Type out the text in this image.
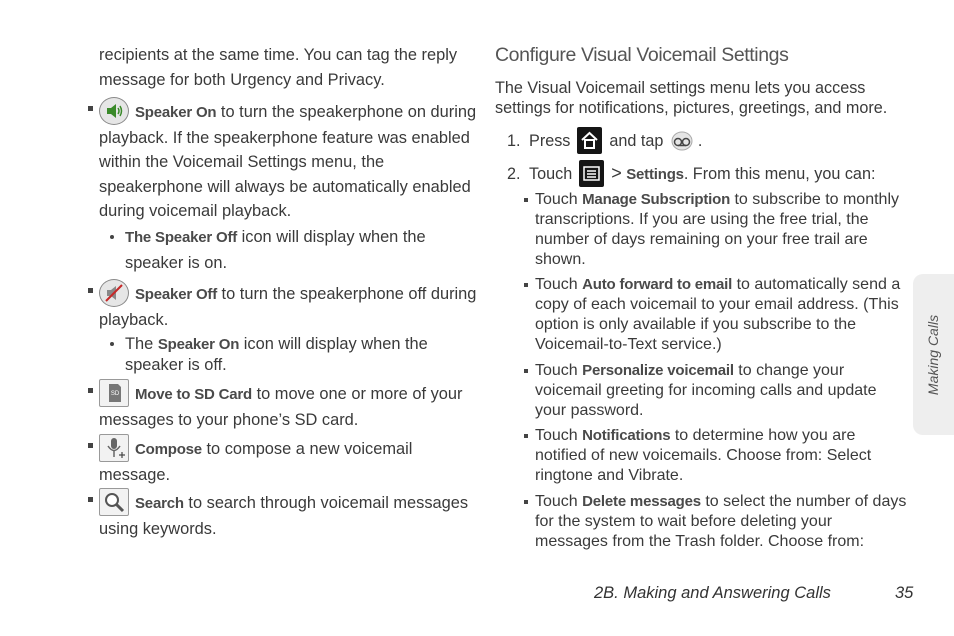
recipients at the same time. You can tag the reply message for both Urgency and Privacy.
Speaker On to turn the speakerphone on during playback. If the speakerphone feature was enabled within the Voicemail Settings menu, the speakerphone will always be automatically enabled during voicemail playback.
The Speaker Off icon will display when the speaker is on.
Speaker Off to turn the speakerphone off during playback.
The Speaker On icon will display when the speaker is off.
SD Move to SD Card to move one or more of your messages to your phone’s SD card.
Compose to compose a new voicemail message.
Search to search through voicemail messages using keywords.
Configure Visual Voicemail Settings
The Visual Voicemail settings menu lets you access settings for notifications, pictures, greetings, and more.
1. Press and tap .
2. Touch > Settings. From this menu, you can:
Touch Manage Subscription to subscribe to monthly transcriptions. If you are using the free trial, the number of days remaining on your free trail are shown.
Touch Auto forward to email to automatically send a copy of each voicemail to your email address. (This option is only available if you subscribe to the Voicemail-to-Text service.)
Touch Personalize voicemail to change your voicemail greeting for incoming calls and update your password.
Touch Notifications to determine how you are notified of new voicemails. Choose from: Select ringtone and Vibrate.
Touch Delete messages to select the number of days for the system to wait before deleting your messages from the Trash folder. Choose from:
Making Calls
2B. Making and Answering Calls	35
